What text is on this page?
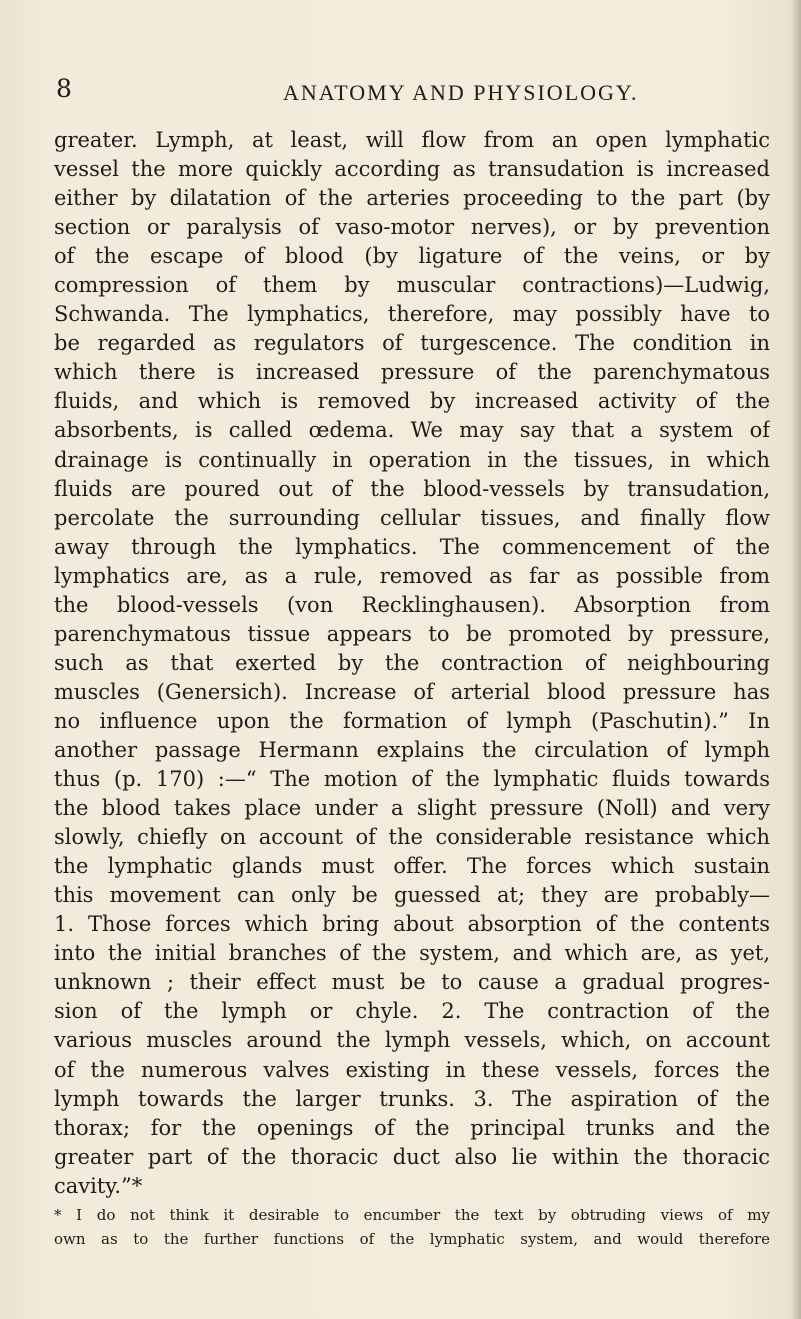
8	ANATOMY AND PHYSIOLOGY.
greater. Lymph, at least, will flow from an open lymphatic
vessel the more quickly according as transudation is increased
either by dilatation of the arteries proceeding to the part (by
section or paralysis of vaso-motor nerves), or by prevention
of the escape of blood (by ligature of the veins, or by
compression of them by muscular contractions)—Ludwig,
Schwanda. The lymphatics, therefore, may possibly have to
be regarded as regulators of turgescence. The condition in
which there is increased pressure of the parenchymatous
fluids, and which is removed by increased activity of the
absorbents, is called œdema. We may say that a system of
drainage is continually in operation in the tissues, in which
fluids are poured out of the blood-vessels by transudation,
percolate the surrounding cellular tissues, and finally flow
away through the lymphatics. The commencement of the
lymphatics are, as a rule, removed as far as possible from
the blood-vessels (von Recklinghausen). Absorption from
parenchymatous tissue appears to be promoted by pressure,
such as that exerted by the contraction of neighbouring
muscles (Genersich). Increase of arterial blood pressure has
no influence upon the formation of lymph (Paschutin).” In
another passage Hermann explains the circulation of lymph
thus (p. 170) :—“ The motion of the lymphatic fluids towards
the blood takes place under a slight pressure (Noll) and very
slowly, chiefly on account of the considerable resistance which
the lymphatic glands must offer. The forces which sustain
this movement can only be guessed at; they are probably—
1. Those forces which bring about absorption of the contents
into the initial branches of the system, and which are, as yet,
unknown ; their effect must be to cause a gradual progres-
sion of the lymph or chyle. 2. The contraction of the
various muscles around the lymph vessels, which, on account
of the numerous valves existing in these vessels, forces the
lymph towards the larger trunks. 3. The aspiration of the
thorax; for the openings of the principal trunks and the
greater part of the thoracic duct also lie within the thoracic
cavity.”*
* I do not think it desirable to encumber the text by obtruding views of my
own as to the further functions of the lymphatic system, and would therefore
